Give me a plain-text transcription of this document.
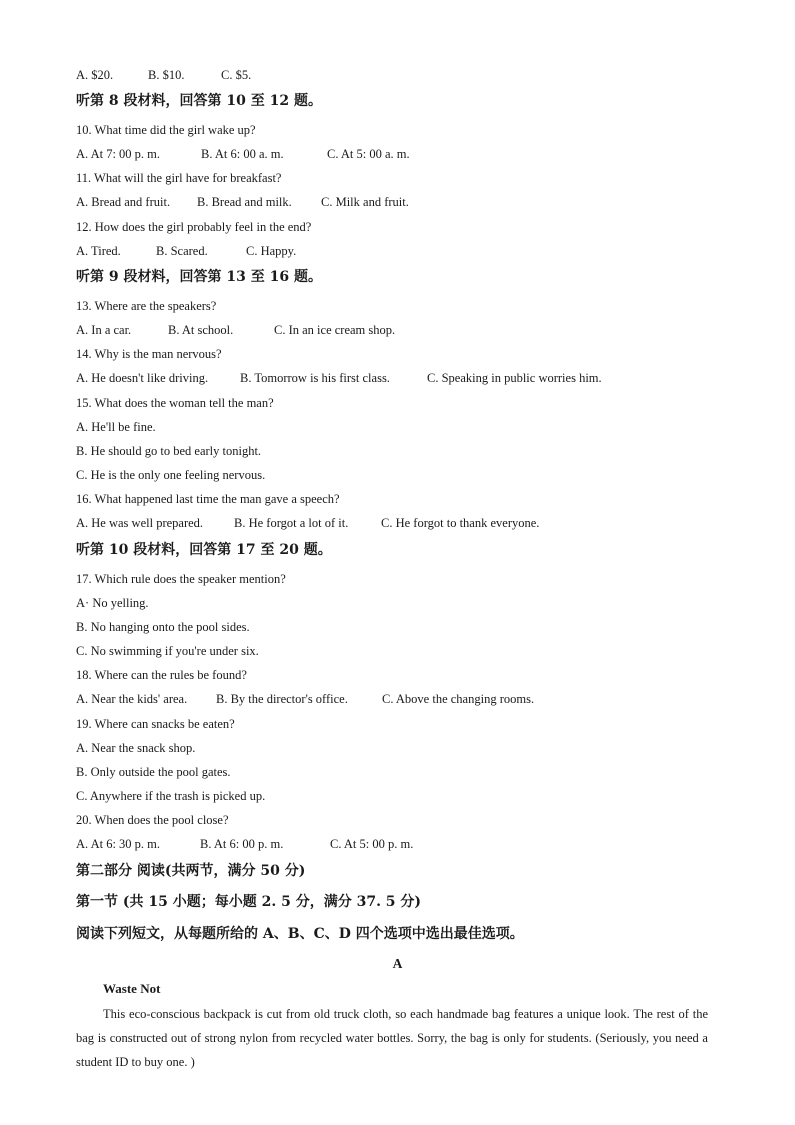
A. $20.	B. $10.	C. $5.
听第 8 段材料，回答第 10 至 12 题。
10. What time did the girl wake up?
A. At 7: 00 p. m.	B. At 6: 00 a. m.	C. At 5: 00 a. m.
11. What will the girl have for breakfast?
A. Bread and fruit. B. Bread and milk. C. Milk and fruit.
12. How does the girl probably feel in the end?
A. Tired.	B. Scared.	C. Happy.
听第 9 段材料，回答第 13 至 16 题。
13. Where are the speakers?
A. In a car.	B. At school.	C. In an ice cream shop.
14. Why is the man nervous?
A. He doesn't like driving.	B. Tomorrow is his first class.	C. Speaking in public worries him.
15. What does the woman tell the man?
A. He'll be fine.
B. He should go to bed early tonight.
C. He is the only one feeling nervous.
16. What happened last time the man gave a speech?
A. He was well prepared. B. He forgot a lot of it.	C. He forgot to thank everyone.
听第 10 段材料，回答第 17 至 20 题。
17. Which rule does the speaker mention?
A· No yelling.
B. No hanging onto the pool sides.
C. No swimming if you're under six.
18. Where can the rules be found?
A. Near the kids' area. B. By the director's office.	C. Above the changing rooms.
19. Where can snacks be eaten?
A. Near the snack shop.
B. Only outside the pool gates.
C. Anywhere if the trash is picked up.
20. When does the pool close?
A. At 6: 30 p. m.	B. At 6: 00 p. m.	C. At 5: 00 p. m.
第二部分 阅读(共两节，满分 50 分)
第一节 (共 15 小题；每小题 2. 5 分，满分 37. 5 分)
阅读下列短文，从每题所给的 A、B、C、D 四个选项中选出最佳选项。
A
Waste Not
This eco-conscious backpack is cut from old truck cloth, so each handmade bag features a unique look. The rest of the bag is constructed out of strong nylon from recycled water bottles. Sorry, the bag is only for students. (Seriously, you need a student ID to buy one. )
